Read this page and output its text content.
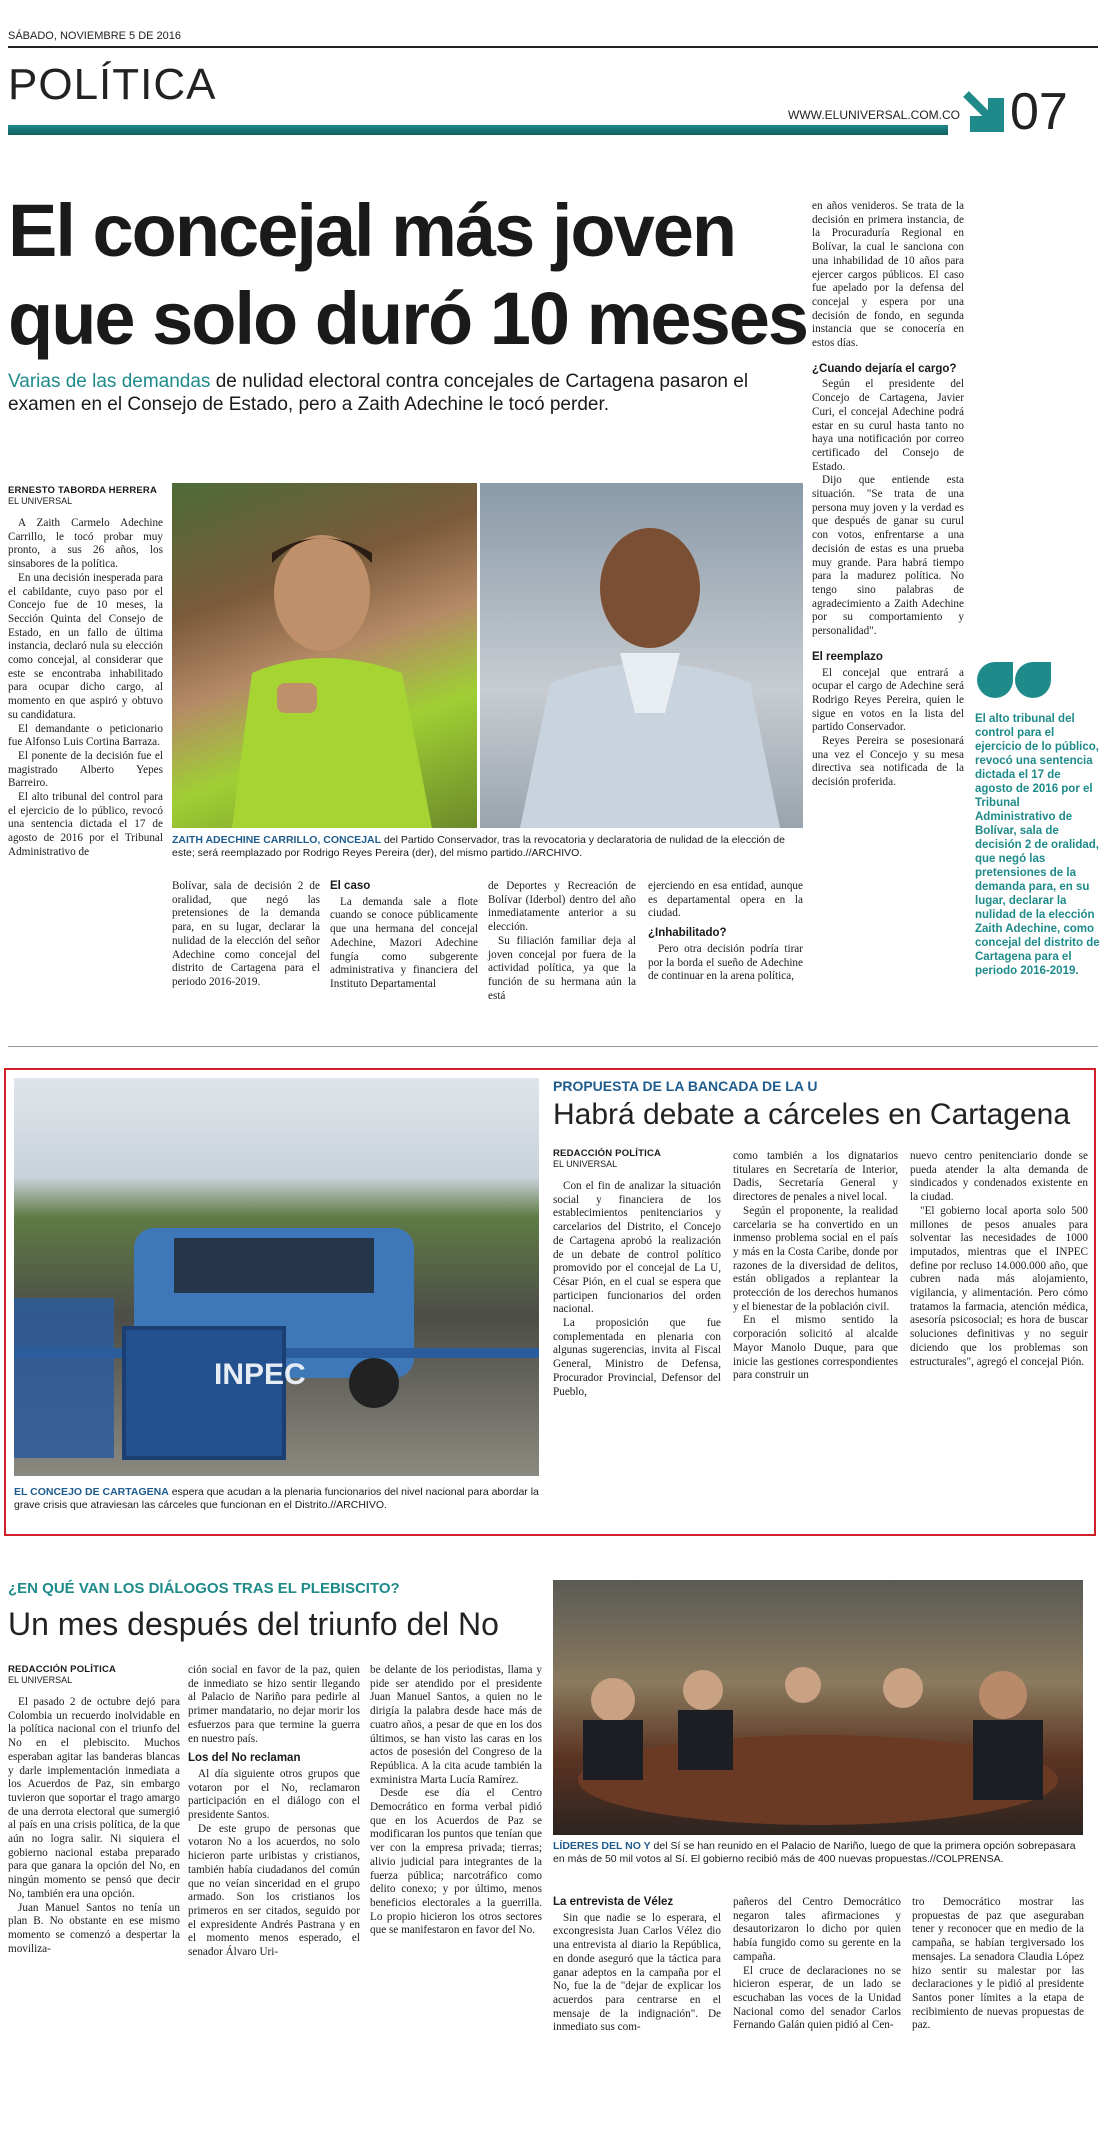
SÁBADO, NOVIEMBRE 5 DE 2016
POLÍTICA
WWW.ELUNIVERSAL.COM.CO 07
El concejal más joven
que solo duró 10 meses
Varias de las demandas de nulidad electoral contra concejales de Cartagena pasaron el examen en el Consejo de Estado, pero a Zaith Adechine le tocó perder.
ERNESTO TABORDA HERRERA
EL UNIVERSAL

A Zaith Carmelo Adechine Carrillo, le tocó probar muy pronto, a sus 26 años, los sinsabores de la política.

En una decisión inesperada para el cabildante, cuyo paso por el Concejo fue de 10 meses, la Sección Quinta del Consejo de Estado, en un fallo de última instancia, declaró nula su elección como concejal, al considerar que este se encontraba inhabilitado para ocupar dicho cargo, al momento en que aspiró y obtuvo su candidatura.

El demandante o peticionario fue Alfonso Luis Cortina Barraza.

El ponente de la decisión fue el magistrado Alberto Yepes Barreiro.

El alto tribunal del control para el ejercicio de lo público, revocó una sentencia dictada el 17 de agosto de 2016 por el Tribunal Administrativo de

ZAITH ADECHINE CARRILLO, CONCEJAL del Partido Conservador, tras la revocatoria y declaratoria de nulidad de la elección de este; será reemplazado por Rodrigo Reyes Pereira (der), del mismo partido.//ARCHIVO.

Bolívar, sala de decisión 2 de oralidad, que negó las pretensiones de la demanda para, en su lugar, declarar la nulidad de la elección del señor Adechine como concejal del distrito de Cartagena para el periodo 2016-2019.

El caso

La demanda sale a flote cuando se conoce públicamente que una hermana del concejal Adechine, Mazori Adechine fungía como subgerente administrativa y financiera del Instituto Departamental

de Deportes y Recreación de Bolívar (Iderbol) dentro del año inmediatamente anterior a su elección.

Su filiación familiar deja al joven concejal por fuera de la actividad política, ya que la función de su hermana aún la está

ejerciendo en esa entidad, aunque es departamental opera en la ciudad.

¿Inhabilitado?

Pero otra decisión podría tirar por la borda el sueño de Adechine de continuar en la arena política,

en años venideros. Se trata de la decisión en primera instancia, de la Procuraduría Regional en Bolívar, la cual le sanciona con una inhabilidad de 10 años para ejercer cargos públicos. El caso fue apelado por la defensa del concejal y espera por una decisión de fondo, en segunda instancia que se conocería en estos días.

¿Cuando dejaría el cargo?

Según el presidente del Concejo de Cartagena, Javier Curi, el concejal Adechine podrá estar en su curul hasta tanto no haya una notificación por correo certificado del Consejo de Estado.

Dijo que entiende esta situación. "Se trata de una persona muy joven y la verdad es que después de ganar su curul con votos, enfrentarse a una decisión de estas es una prueba muy grande. Para habrá tiempo para la madurez política. No tengo sino palabras de agradecimiento a Zaith Adechine por su comportamiento y personalidad".

El reemplazo

El concejal que entrará a ocupar el cargo de Adechine será Rodrigo Reyes Pereira, quien le sigue en votos en la lista del partido Conservador.

Reyes Pereira se posesionará una vez el Concejo y su mesa directiva sea notificada de la decisión proferida.

El alto tribunal del control para el ejercicio de lo público, revocó una sentencia dictada el 17 de agosto de 2016 por el Tribunal Administrativo de Bolívar, sala de decisión 2 de oralidad, que negó las pretensiones de la demanda para, en su lugar, declarar la nulidad de la elección Zaith Adechine, como concejal del distrito de Cartagena para el periodo 2016-2019.
INPEC
EL CONCEJO DE CARTAGENA espera que acudan a la plenaria funcionarios del nivel nacional para abordar la grave crisis que atraviesan las cárceles que funcionan en el Distrito.//ARCHIVO.
PROPUESTA DE LA BANCADA DE LA U
Habrá debate a cárceles en Cartagena
REDACCIÓN POLÍTICA
EL UNIVERSAL

Con el fin de analizar la situación social y financiera de los establecimientos penitenciarios y carcelarios del Distrito, el Concejo de Cartagena aprobó la realización de un debate de control político promovido por el concejal de La U, César Pión, en el cual se espera que participen funcionarios del orden nacional.

La proposición que fue complementada en plenaria con algunas sugerencias, invita al Fiscal General, Ministro de Defensa, Procurador Provincial, Defensor del Pueblo,

como también a los dignatarios titulares en Secretaría de Interior, Dadis, Secretaría General y directores de penales a nivel local.

Según el proponente, la realidad carcelaria se ha convertido en un inmenso problema social en el país y más en la Costa Caribe, donde por razones de la diversidad de delitos, están obligados a replantear la protección de los derechos humanos y el bienestar de la población civil.

En el mismo sentido la corporación solicitó al alcalde Mayor Manolo Duque, para que inicie las gestiones correspondientes para construir un

nuevo centro penitenciario donde se pueda atender la alta demanda de sindicados y condenados existente en la ciudad.

"El gobierno local aporta solo 500 millones de pesos anuales para solventar las necesidades de 1000 imputados, mientras que el INPEC define por recluso 14.000.000 año, que cubren nada más alojamiento, vigilancia, y alimentación. Pero cómo tratamos la farmacia, atención médica, asesoría psicosocial; es hora de buscar soluciones definitivas y no seguir diciendo que los problemas son estructurales", agregó el concejal Pión.

¿EN QUÉ VAN LOS DIÁLOGOS TRAS EL PLEBISCITO?
Un mes después del triunfo del No
REDACCIÓN POLÍTICA
EL UNIVERSAL

El pasado 2 de octubre dejó para Colombia un recuerdo inolvidable en la política nacional con el triunfo del No en el plebiscito. Muchos esperaban agitar las banderas blancas y darle implementación inmediata a los Acuerdos de Paz, sin embargo tuvieron que soportar el trago amargo de una derrota electoral que sumergió al país en una crisis política, de la que aún no logra salir. Ni siquiera el gobierno nacional estaba preparado para que ganara la opción del No, en ningún momento se pensó que decir No, también era una opción.

Juan Manuel Santos no tenía un plan B. No obstante en ese mismo momento se comenzó a despertar la moviliza-

ción social en favor de la paz, quien de inmediato se hizo sentir llegando al Palacio de Nariño para pedirle al primer mandatario, no dejar morir los esfuerzos para que termine la guerra en nuestro país.

Los del No reclaman

Al día siguiente otros grupos que votaron por el No, reclamaron participación en el diálogo con el presidente Santos.

De este grupo de personas que votaron No a los acuerdos, no solo hicieron parte uribistas y cristianos, también había ciudadanos del común que no veían sinceridad en el grupo armado. Son los cristianos los primeros en ser citados, seguido por el expresidente Andrés Pastrana y en el momento menos esperado, el senador Álvaro Uri-

be delante de los periodistas, llama y pide ser atendido por el presidente Juan Manuel Santos, a quien no le dirigía la palabra desde hace más de cuatro años, a pesar de que en los dos últimos, se han visto las caras en los actos de posesión del Congreso de la República. A la cita acude también la exministra Marta Lucía Ramírez.

Desde ese día el Centro Democrático en forma verbal pidió que en los Acuerdos de Paz se modificaran los puntos que tenían que ver con la empresa privada; tierras; alivio judicial para integrantes de la fuerza pública; narcotráfico como delito conexo; y por último, menos beneficios electorales a la guerrilla. Lo propio hicieron los otros sectores que se manifestaron en favor del No.

LÍDERES DEL NO Y del Sí se han reunido en el Palacio de Nariño, luego de que la primera opción sobrepasara en más de 50 mil votos al Sí. El gobierno recibió más de 400 nuevas propuestas.//COLPRENSA.
La entrevista de Vélez

Sin que nadie se lo esperara, el excongresista Juan Carlos Vélez dio una entrevista al diario la República, en donde aseguró que la táctica para ganar adeptos en la campaña por el No, fue la de "dejar de explicar los acuerdos para centrarse en el mensaje de la indignación". De inmediato sus com-

pañeros del Centro Democrático negaron tales afirmaciones y desautorizaron lo dicho por quien había fungido como su gerente en la campaña.

El cruce de declaraciones no se hicieron esperar, de un lado se escuchaban las voces de la Unidad Nacional como del senador Carlos Fernando Galán quien pidió al Cen-

tro Democrático mostrar las propuestas de paz que aseguraban tener y reconocer que en medio de la campaña, se habían tergiversado los mensajes. La senadora Claudia López hizo sentir su malestar por las declaraciones y le pidió al presidente Santos poner límites a la etapa de recibimiento de nuevas propuestas de paz.
